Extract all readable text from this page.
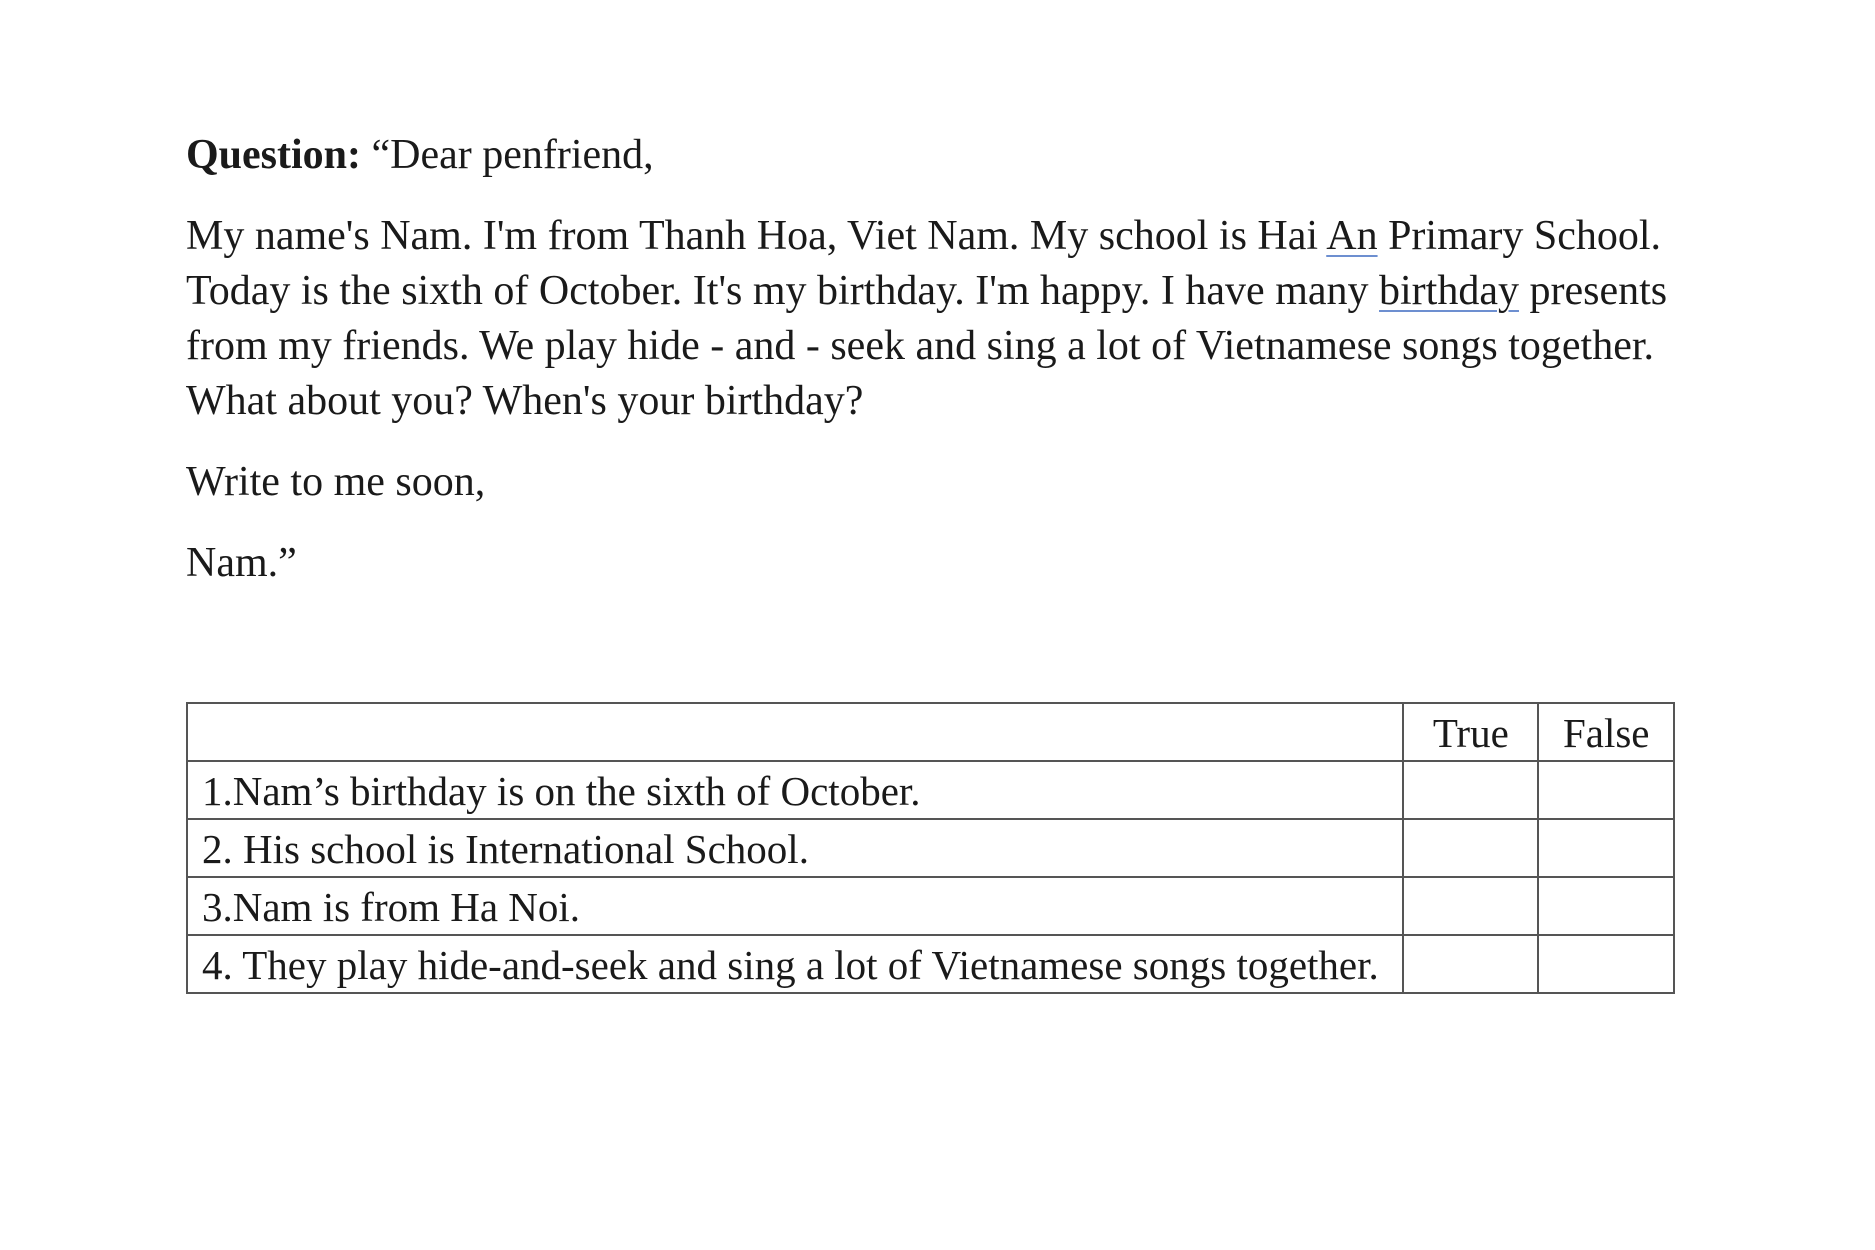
Question: “Dear penfriend,

My name's Nam. I'm from Thanh Hoa, Viet Nam. My school is Hai An Primary School. Today is the sixth of October. It's my birthday. I'm happy. I have many birthday presents from my friends. We play hide - and - seek and sing a lot of Vietnamese songs together. What about you? When's your birthday?

Write to me soon,

Nam.”

	True	False
1.Nam’s birthday is on the sixth of October.		
2. His school is International School.		
3.Nam is from Ha Noi.		
4. They play hide-and-seek and sing a lot of Vietnamese songs together.		
